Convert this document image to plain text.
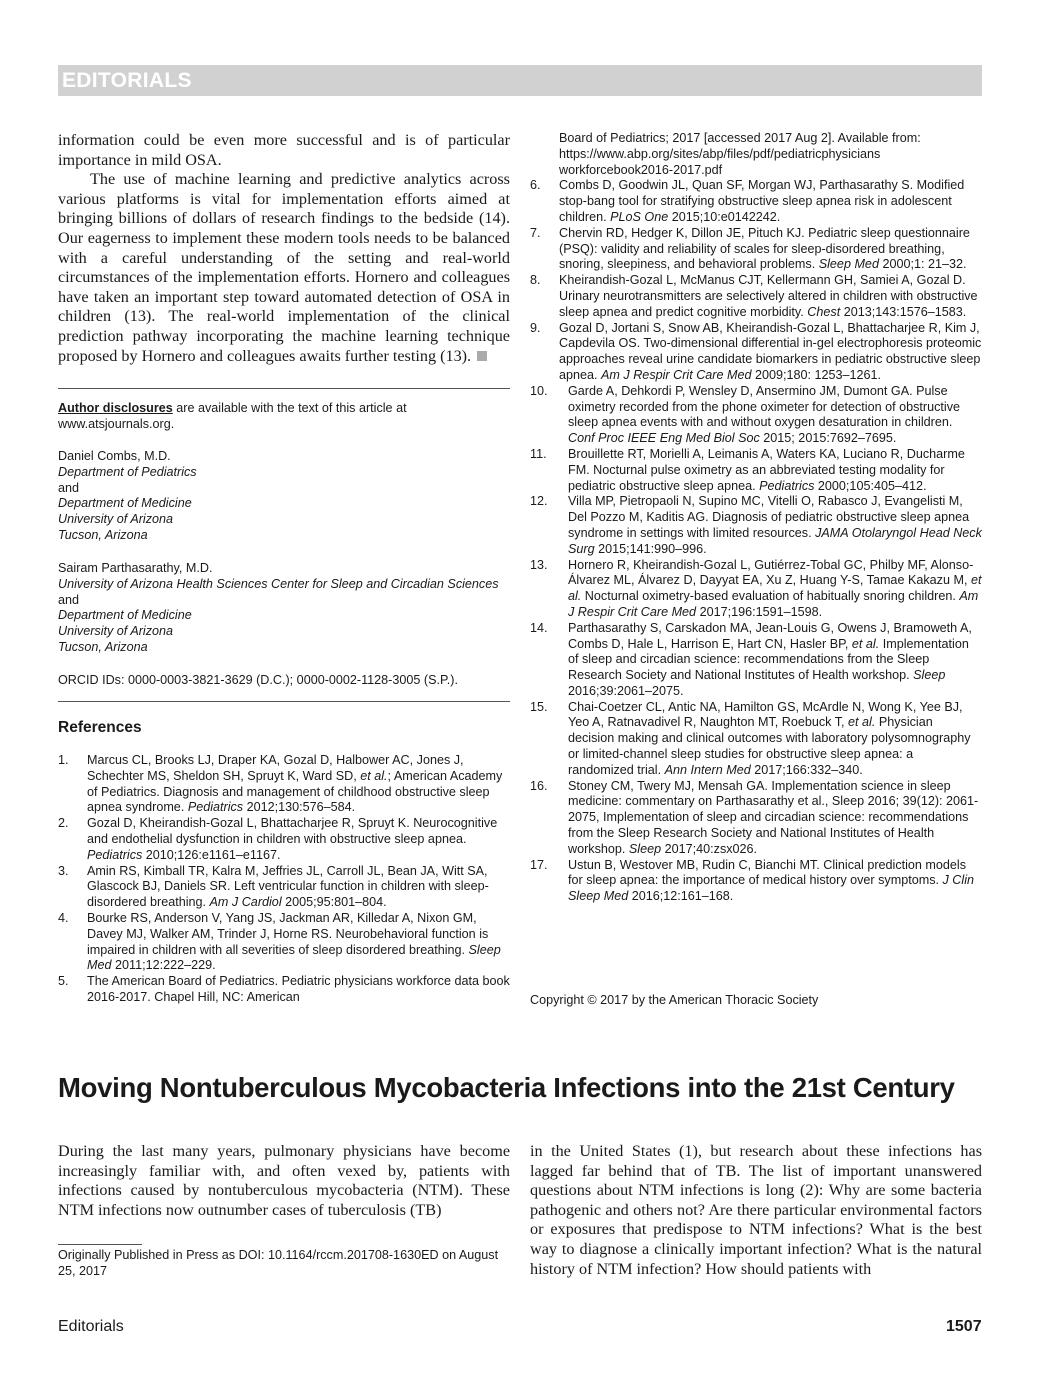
EDITORIALS

information could be even more successful and is of particular importance in mild OSA.

The use of machine learning and predictive analytics across various platforms is vital for implementation efforts aimed at bringing billions of dollars of research findings to the bedside (14). Our eagerness to implement these modern tools needs to be balanced with a careful understanding of the setting and real-world circumstances of the implementation efforts. Hornero and colleagues have taken an important step toward automated detection of OSA in children (13). The real-world implementation of the clinical prediction pathway incorporating the machine learning technique proposed by Hornero and colleagues awaits further testing (13).

Author disclosures are available with the text of this article at www.atsjournals.org.
Daniel Combs, M.D.
Department of Pediatrics
and
Department of Medicine
University of Arizona
Tucson, Arizona
Sairam Parthasarathy, M.D.
University of Arizona Health Sciences Center for Sleep and Circadian Sciences
and
Department of Medicine
University of Arizona
Tucson, Arizona
ORCID IDs: 0000-0003-3821-3629 (D.C.); 0000-0002-1128-3005 (S.P.).
References

1. Marcus CL, Brooks LJ, Draper KA, Gozal D, Halbower AC, Jones J, Schechter MS, Sheldon SH, Spruyt K, Ward SD, et al.; American Academy of Pediatrics. Diagnosis and management of childhood obstructive sleep apnea syndrome. Pediatrics 2012;130:576–584.

2. Gozal D, Kheirandish-Gozal L, Bhattacharjee R, Spruyt K. Neurocognitive and endothelial dysfunction in children with obstructive sleep apnea. Pediatrics 2010;126:e1161–e1167.

3. Amin RS, Kimball TR, Kalra M, Jeffries JL, Carroll JL, Bean JA, Witt SA, Glascock BJ, Daniels SR. Left ventricular function in children with sleep-disordered breathing. Am J Cardiol 2005;95:801–804.

4. Bourke RS, Anderson V, Yang JS, Jackman AR, Killedar A, Nixon GM, Davey MJ, Walker AM, Trinder J, Horne RS. Neurobehavioral function is impaired in children with all severities of sleep disordered breathing. Sleep Med 2011;12:222–229.

5. The American Board of Pediatrics. Pediatric physicians workforce data book 2016-2017. Chapel Hill, NC: American

Board of Pediatrics; 2017 [accessed 2017 Aug 2]. Available from: https://www.abp.org/sites/abp/files/pdf/pediatricphysicians workforcebook2016-2017.pdf

6. Combs D, Goodwin JL, Quan SF, Morgan WJ, Parthasarathy S. Modified stop-bang tool for stratifying obstructive sleep apnea risk in adolescent children. PLoS One 2015;10:e0142242.

7. Chervin RD, Hedger K, Dillon JE, Pituch KJ. Pediatric sleep questionnaire (PSQ): validity and reliability of scales for sleep-disordered breathing, snoring, sleepiness, and behavioral problems. Sleep Med 2000;1: 21–32.

8. Kheirandish-Gozal L, McManus CJT, Kellermann GH, Samiei A, Gozal D. Urinary neurotransmitters are selectively altered in children with obstructive sleep apnea and predict cognitive morbidity. Chest 2013;143:1576–1583.

9. Gozal D, Jortani S, Snow AB, Kheirandish-Gozal L, Bhattacharjee R, Kim J, Capdevila OS. Two-dimensional differential in-gel electrophoresis proteomic approaches reveal urine candidate biomarkers in pediatric obstructive sleep apnea. Am J Respir Crit Care Med 2009;180: 1253–1261.

10. Garde A, Dehkordi P, Wensley D, Ansermino JM, Dumont GA. Pulse oximetry recorded from the phone oximeter for detection of obstructive sleep apnea events with and without oxygen desaturation in children. Conf Proc IEEE Eng Med Biol Soc 2015; 2015:7692–7695.

11. Brouillette RT, Morielli A, Leimanis A, Waters KA, Luciano R, Ducharme FM. Nocturnal pulse oximetry as an abbreviated testing modality for pediatric obstructive sleep apnea. Pediatrics 2000;105:405–412.

12. Villa MP, Pietropaoli N, Supino MC, Vitelli O, Rabasco J, Evangelisti M, Del Pozzo M, Kaditis AG. Diagnosis of pediatric obstructive sleep apnea syndrome in settings with limited resources. JAMA Otolaryngol Head Neck Surg 2015;141:990–996.

13. Hornero R, Kheirandish-Gozal L, Gutiérrez-Tobal GC, Philby MF, Alonso-Álvarez ML, Álvarez D, Dayyat EA, Xu Z, Huang Y-S, Tamae Kakazu M, et al. Nocturnal oximetry-based evaluation of habitually snoring children. Am J Respir Crit Care Med 2017;196:1591–1598.

14. Parthasarathy S, Carskadon MA, Jean-Louis G, Owens J, Bramoweth A, Combs D, Hale L, Harrison E, Hart CN, Hasler BP, et al. Implementation of sleep and circadian science: recommendations from the Sleep Research Society and National Institutes of Health workshop. Sleep 2016;39:2061–2075.

15. Chai-Coetzer CL, Antic NA, Hamilton GS, McArdle N, Wong K, Yee BJ, Yeo A, Ratnavadivel R, Naughton MT, Roebuck T, et al. Physician decision making and clinical outcomes with laboratory polysomnography or limited-channel sleep studies for obstructive sleep apnea: a randomized trial. Ann Intern Med 2017;166:332–340.

16. Stoney CM, Twery MJ, Mensah GA. Implementation science in sleep medicine: commentary on Parthasarathy et al., Sleep 2016; 39(12): 2061-2075, Implementation of sleep and circadian science: recommendations from the Sleep Research Society and National Institutes of Health workshop. Sleep 2017;40:zsx026.

17. Ustun B, Westover MB, Rudin C, Bianchi MT. Clinical prediction models for sleep apnea: the importance of medical history over symptoms. J Clin Sleep Med 2016;12:161–168.

Copyright © 2017 by the American Thoracic Society
Moving Nontuberculous Mycobacteria Infections into the 21st Century

During the last many years, pulmonary physicians have become increasingly familiar with, and often vexed by, patients with infections caused by nontuberculous mycobacteria (NTM). These NTM infections now outnumber cases of tuberculosis (TB)

in the United States (1), but research about these infections has lagged far behind that of TB. The list of important unanswered questions about NTM infections is long (2): Why are some bacteria pathogenic and others not? Are there particular environmental factors or exposures that predispose to NTM infections? What is the best way to diagnose a clinically important infection? What is the natural history of NTM infection? How should patients with

Originally Published in Press as DOI: 10.1164/rccm.201708-1630ED on August 25, 2017
Editorials	1507
